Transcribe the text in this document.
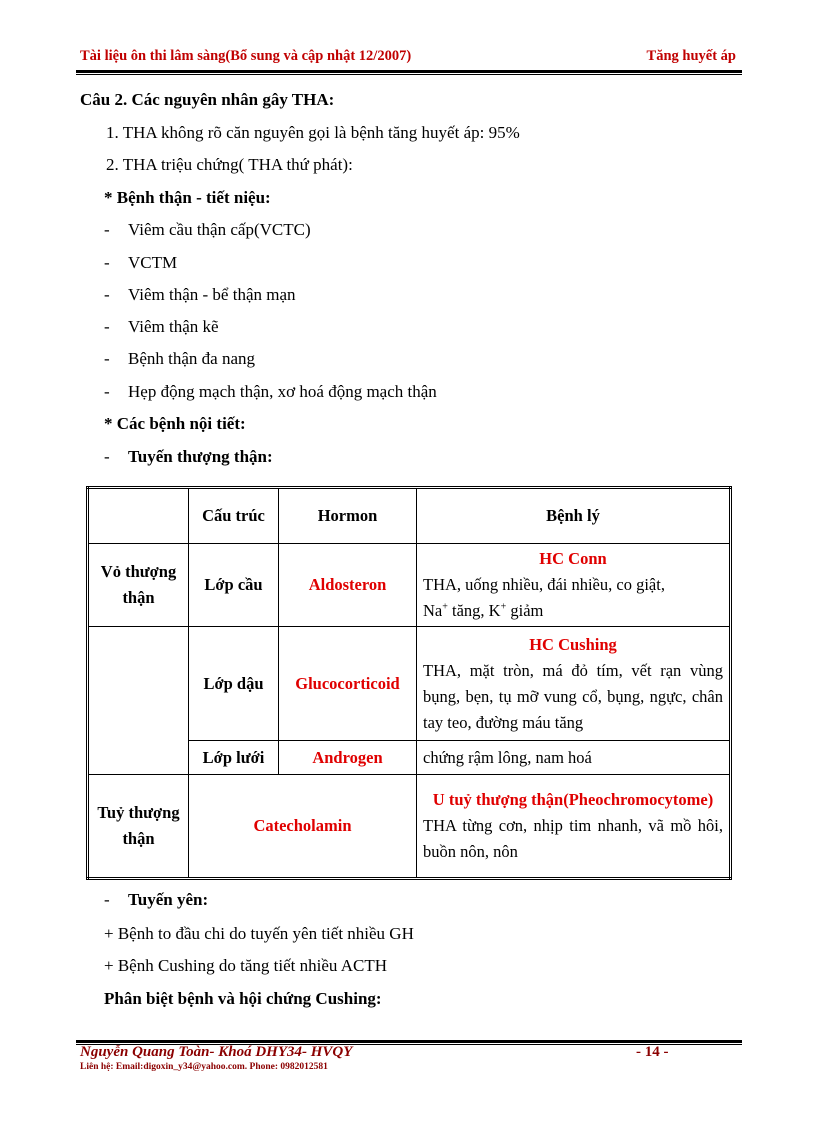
Tài liệu ôn thi lâm sàng(Bổ sung và cập nhật 12/2007)	Tăng huyết áp
Câu 2. Các nguyên nhân gây THA:
1. THA không rõ căn nguyên gọi là bệnh tăng huyết áp: 95%
2. THA triệu chứng( THA thứ phát):
* Bệnh thận - tiết niệu:
- Viêm cầu thận cấp(VCTC)
- VCTM
- Viêm thận - bể thận mạn
- Viêm thận kẽ
- Bệnh thận đa nang
- Hẹp động mạch thận, xơ hoá động mạch thận
* Các bệnh nội tiết:
- Tuyến thượng thận:
- Tuyến yên:
+ Bệnh to đầu chi do tuyến yên tiết nhiều GH
+ Bệnh Cushing do tăng tiết nhiều ACTH
Phân biệt bệnh và hội chứng Cushing:
	Cấu trúc	Hormon	Bệnh lý
Vỏ thượng thận	Lớp cầu	Aldosteron	HC Conn
THA, uống nhiều, đái nhiều, co giật,
Na+ tăng, K+ giảm

	Lớp dậu	Glucocorticoid	HC Cushing
THA, mặt tròn, má đỏ tím, vết rạn vùng bụng, bẹn, tụ mỡ vung cổ, bụng, ngực, chân tay teo, đường máu tăng

	Lớp lưới	Androgen	chứng rậm lông, nam hoá
Tuỷ thượng thận	Catecholamin		U tuỷ thượng thận(Pheochromocytome)
THA từng cơn, nhịp tim nhanh, vã mồ hôi, buồn nôn, nôn
Nguyễn Quang Toàn- Khoá DHY34- HVQY	- 14 -
Liên hệ: Email:digoxin_y34@yahoo.com. Phone: 0982012581
